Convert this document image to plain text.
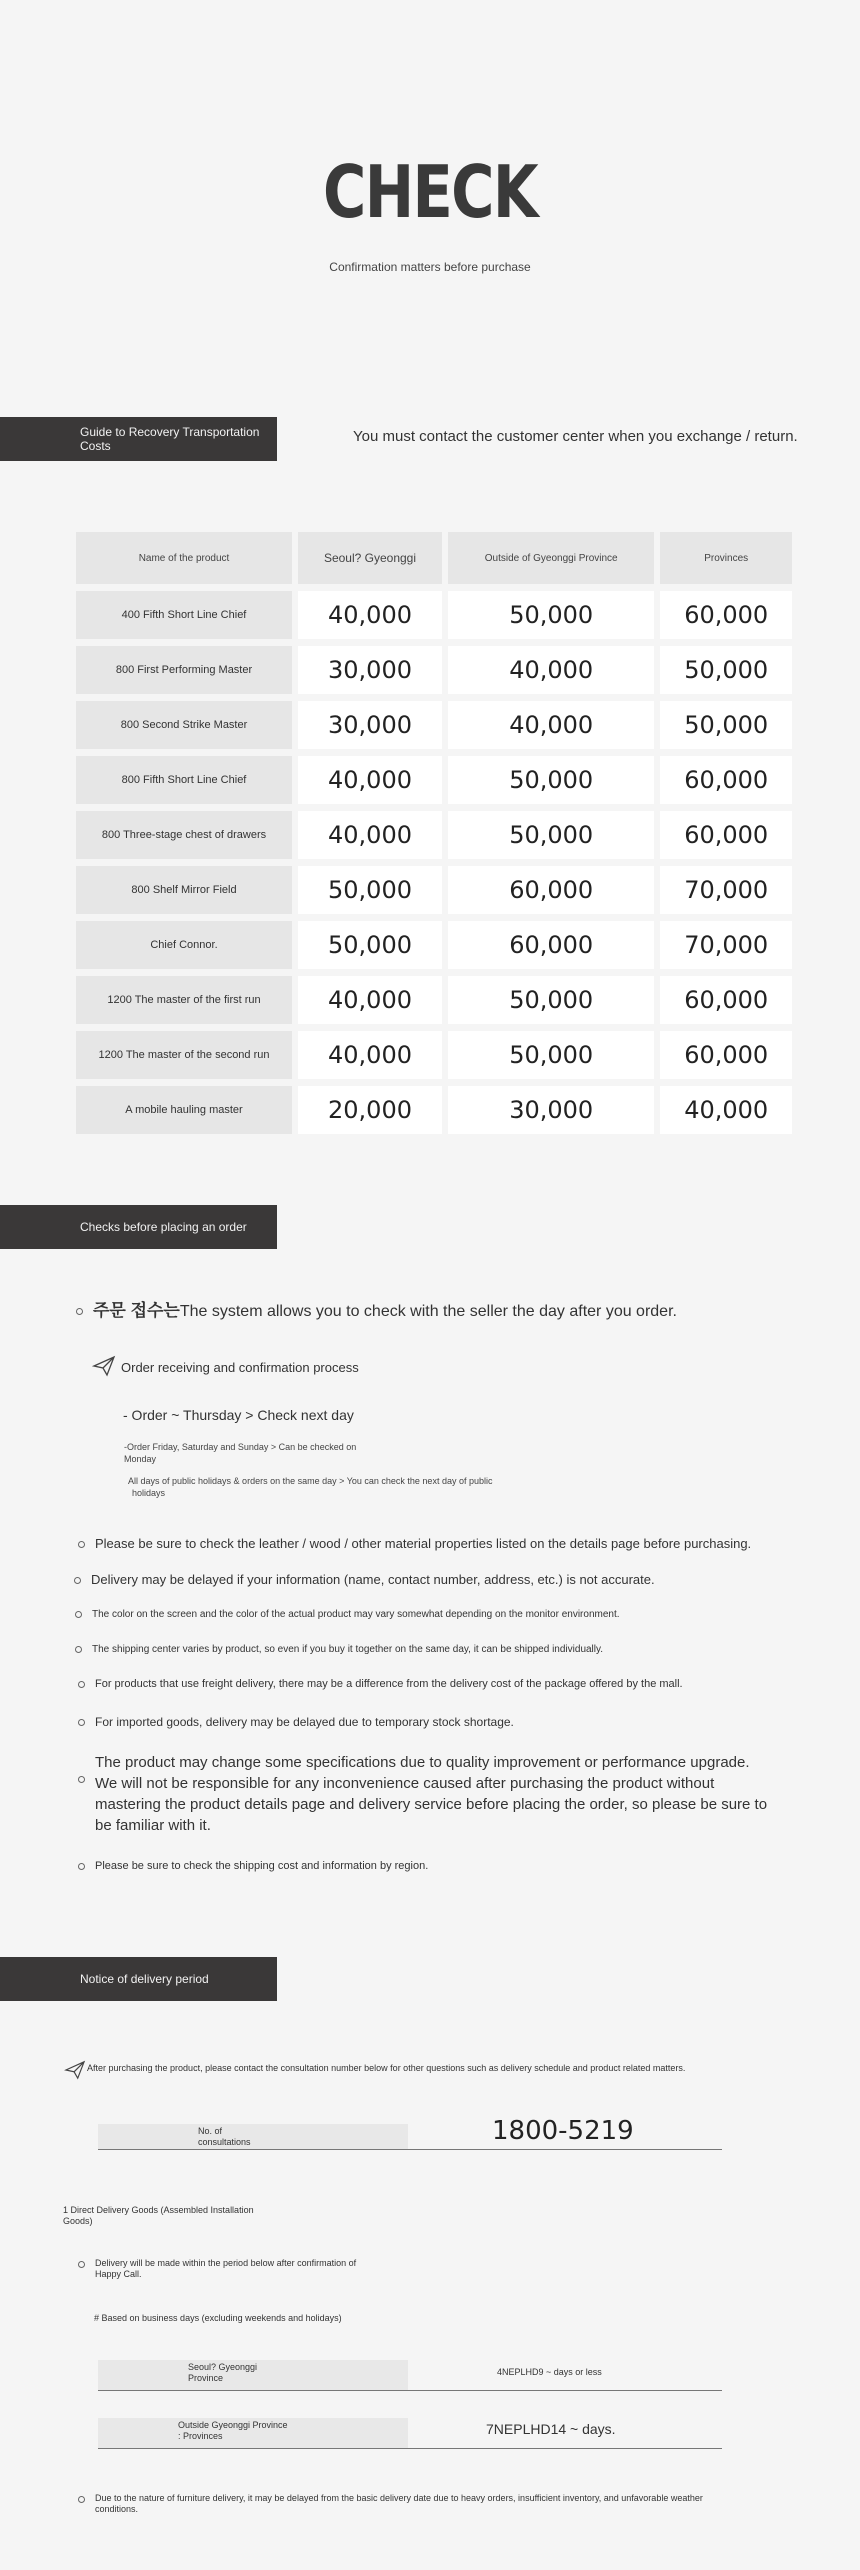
CHECK
Confirmation matters before purchase
Guide to Recovery Transportation
Costs
You must contact the customer center when you exchange / return.
Name of the product	Seoul? Gyeonggi	Outside of Gyeonggi Province	Provinces
400 Fifth Short Line Chief	40,000	50,000	60,000
800 First Performing Master	30,000	40,000	50,000
800 Second Strike Master	30,000	40,000	50,000
800 Fifth Short Line Chief	40,000	50,000	60,000
800 Three-stage chest of drawers	40,000	50,000	60,000
800 Shelf Mirror Field	50,000	60,000	70,000
Chief Connor.	50,000	60,000	70,000
1200 The master of the first run	40,000	50,000	60,000
1200 The master of the second run	40,000	50,000	60,000
A mobile hauling master	20,000	30,000	40,000
Checks before placing an order
주문 접수는The system allows you to check with the seller the day after you order.
Order receiving and confirmation process
- Order ~ Thursday > Check next day
-Order Friday, Saturday and Sunday > Can be checked on
Monday
All days of public holidays & orders on the same day > You can check the next day of public
holidays
Please be sure to check the leather / wood / other material properties listed on the details page before purchasing.
Delivery may be delayed if your information (name, contact number, address, etc.) is not accurate.
The color on the screen and the color of the actual product may vary somewhat depending on the monitor environment.
The shipping center varies by product, so even if you buy it together on the same day, it can be shipped individually.
For products that use freight delivery, there may be a difference from the delivery cost of the package offered by the mall.
For imported goods, delivery may be delayed due to temporary stock shortage.
The product may change some specifications due to quality improvement or performance upgrade. We will not be responsible for any inconvenience caused after purchasing the product without mastering the product details page and delivery service before placing the order, so please be sure to be familiar with it.
Please be sure to check the shipping cost and information by region.
Notice of delivery period
After purchasing the product, please contact the consultation number below for other questions such as delivery schedule and product related matters.
No. of
consultations	1800-5219
1 Direct Delivery Goods (Assembled Installation
Goods)
Delivery will be made within the period below after confirmation of
Happy Call.
# Based on business days (excluding weekends and holidays)
Seoul? Gyeonggi
Province
4NEPLHD9 ~ days or less
Outside Gyeonggi Province
: Provinces	7NEPLHD14 ~ days.
Due to the nature of furniture delivery, it may be delayed from the basic delivery date due to heavy orders, insufficient inventory, and unfavorable weather
conditions.
